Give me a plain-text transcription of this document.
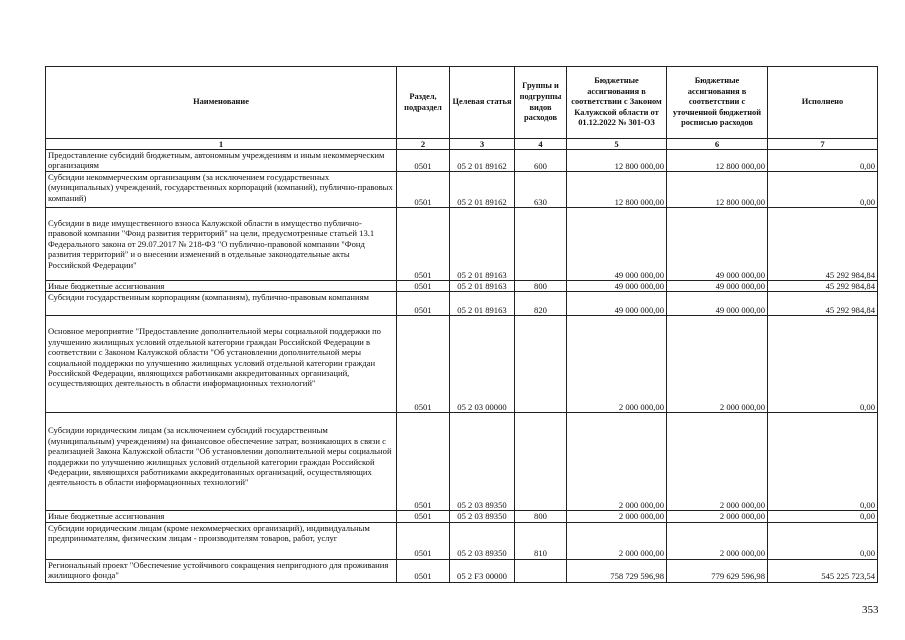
Наименование	Раздел, подраздел	Целевая статья	Группы и подгруппы видов расходов	Бюджетные ассигнования в соответствии с Законом Калужской области от 01.12.2022 № 301-ОЗ	Бюджетные ассигнования в соответствии с уточненной бюджетной росписью расходов	Исполнено
1	2	3	4	5	6	7
Предоставление субсидий бюджетным, автономным учреждениям и иным некоммерческим организациям	0501	05 2 01 89162	600	12 800 000,00	12 800 000,00	0,00
Субсидии некоммерческим организациям (за исключением государственных (муниципальных) учреждений, государственных корпораций (компаний), публично-правовых компаний)	0501	05 2 01 89162	630	12 800 000,00	12 800 000,00	0,00
Субсидии в виде имущественного взноса Калужской области в имущество публично-правовой компании "Фонд развития территорий" на цели, предусмотренные статьей 13.1 Федерального закона от 29.07.2017 № 218-ФЗ "О публично-правовой компании "Фонд развития территорий" и о внесении изменений в отдельные законодательные акты Российской Федерации"	0501	05 2 01 89163		49 000 000,00	49 000 000,00	45 292 984,84
Иные бюджетные ассигнования	0501	05 2 01 89163	800	49 000 000,00	49 000 000,00	45 292 984,84
Субсидии государственным корпорациям (компаниям), публично-правовым компаниям	0501	05 2 01 89163	820	49 000 000,00	49 000 000,00	45 292 984,84
Основное мероприятие "Предоставление дополнительной меры социальной поддержки по улучшению жилищных условий отдельной категории граждан Российской Федерации в соответствии с Законом Калужской области "Об установлении дополнительной меры социальной поддержки по улучшению жилищных условий отдельной категории граждан Российской Федерации, являющихся работниками аккредитованных организаций, осуществляющих деятельность в области информационных технологий"	0501	05 2 03 00000		2 000 000,00	2 000 000,00	0,00
Субсидии юридическим лицам (за исключением субсидий государственным (муниципальным) учреждениям) на финансовое обеспечение затрат, возникающих в связи с реализацией Закона Калужской области "Об установлении дополнительной меры социальной поддержки по улучшению жилищных условий отдельной категории граждан Российской Федерации, являющихся работниками аккредитованных организаций, осуществляющих деятельность в области информационных технологий"	0501	05 2 03 89350		2 000 000,00	2 000 000,00	0,00
Иные бюджетные ассигнования	0501	05 2 03 89350	800	2 000 000,00	2 000 000,00	0,00
Субсидии юридическим лицам (кроме некоммерческих организаций), индивидуальным предпринимателям, физическим лицам - производителям товаров, работ, услуг	0501	05 2 03 89350	810	2 000 000,00	2 000 000,00	0,00
Региональный проект "Обеспечение устойчивого сокращения непригодного для проживания жилищного фонда"	0501	05 2 F3 00000		758 729 596,98	779 629 596,98	545 225 723,54
353
